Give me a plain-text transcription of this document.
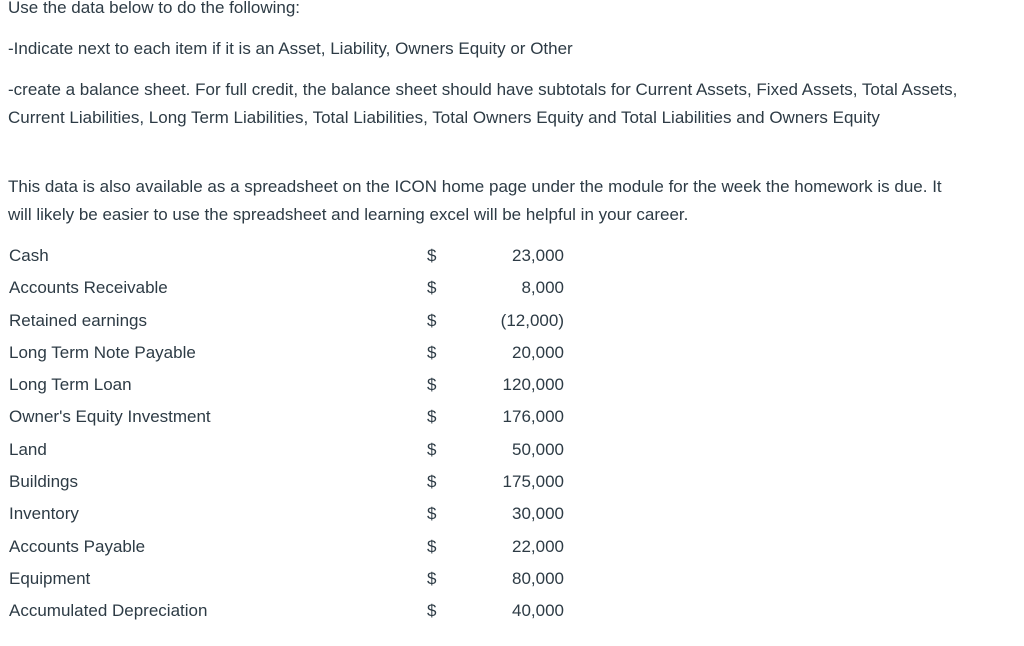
Use the data below to do the following:

-Indicate next to each item if it is an Asset, Liability, Owners Equity or Other

-create a balance sheet. For full credit, the balance sheet should have subtotals for Current Assets, Fixed Assets, Total Assets, Current Liabilities, Long Term Liabilities, Total Liabilities, Total Owners Equity and Total Liabilities and Owners Equity

This data is also available as a spreadsheet on the ICON home page under the module for the week the homework is due. It will likely be easier to use the spreadsheet and learning excel will be helpful in your career.

Cash	$	23,000
Accounts Receivable	$	8,000
Retained earnings	$	(12,000)
Long Term Note Payable	$	20,000
Long Term Loan	$	120,000
Owner's Equity Investment	$	176,000
Land	$	50,000
Buildings	$	175,000
Inventory	$	30,000
Accounts Payable	$	22,000
Equipment	$	80,000
Accumulated Depreciation	$	40,000
